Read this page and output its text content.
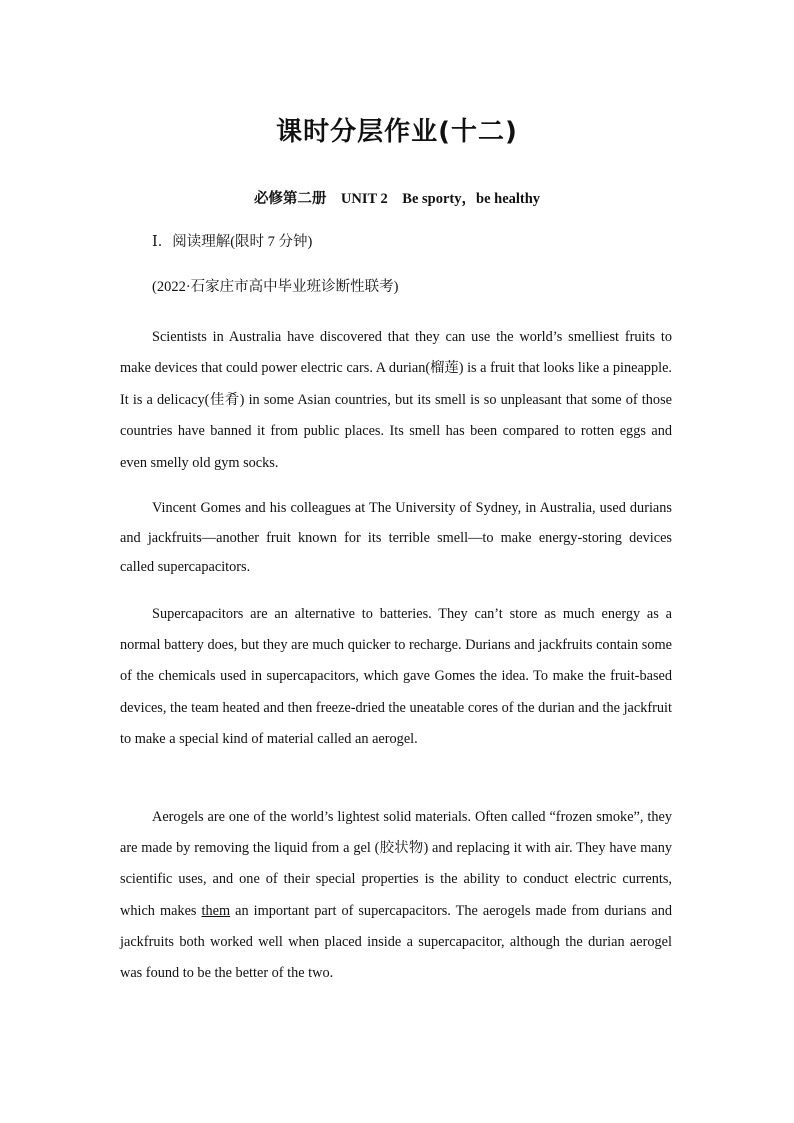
课时分层作业(十二)
必修第二册    UNIT 2    Be sporty，be healthy
Ⅰ．阅读理解(限时 7 分钟)
(2022·石家庄市高中毕业班诊断性联考)
Scientists in Australia have discovered that they can use the world’s smelliest fruits to make devices that could power electric cars. A durian(榴莲) is a fruit that looks like a pineapple. It is a delicacy(佳肴) in some Asian countries, but its smell is so unpleasant that some of those countries have banned it from public places. Its smell has been compared to rotten eggs and even smelly old gym socks.
Vincent Gomes and his colleagues at The University of Sydney, in Australia, used durians and jackfruits—another fruit known for its terrible smell—to make energy-storing devices called supercapacitors.
Supercapacitors are an alternative to batteries. They can’t store as much energy as a normal battery does, but they are much quicker to recharge. Durians and jackfruits contain some of the chemicals used in supercapacitors, which gave Gomes the idea. To make the fruit-based devices, the team heated and then freeze-dried the uneatable cores of the durian and the jackfruit to make a special kind of material called an aerogel.
Aerogels are one of the world’s lightest solid materials. Often called “frozen smoke”, they are made by removing the liquid from a gel (胶状物) and replacing it with air. They have many scientific uses, and one of their special properties is the ability to conduct electric currents, which makes them an important part of supercapacitors. The aerogels made from durians and jackfruits both worked well when placed inside a supercapacitor, although the durian aerogel was found to be the better of the two.
